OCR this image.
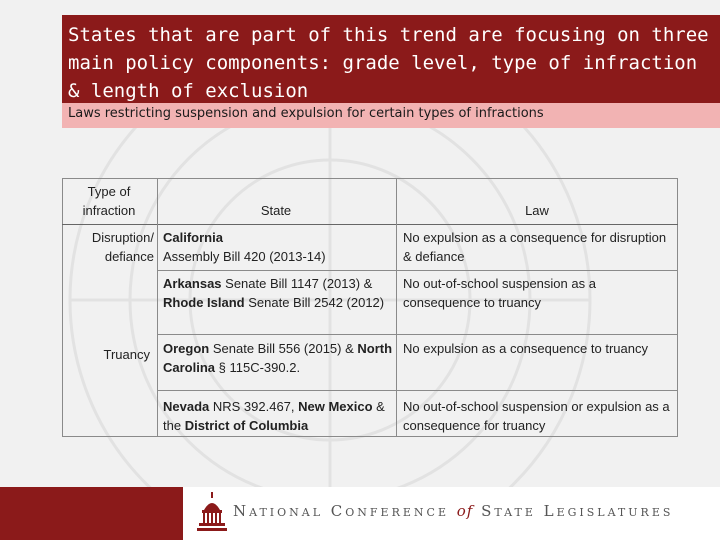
States that are part of this trend are focusing on three main policy components: grade level, type of infraction & length of exclusion
Laws restricting suspension and expulsion for certain types of infractions
Type of infraction	State	Law
Disruption/ defiance
Truancy
California
Assembly Bill 420 (2013-14)
Arkansas Senate Bill 1147 (2013) & Rhode Island Senate Bill 2542 (2012)
Oregon Senate Bill 556 (2015) & North Carolina § 115C-390.2.
Nevada NRS 392.467, New Mexico & the District of Columbia
No expulsion as a consequence for disruption & defiance
No out-of-school suspension as a consequence to truancy
No expulsion as a consequence to truancy
No out-of-school suspension or expulsion as a consequence for truancy
National Conference of State Legislatures
